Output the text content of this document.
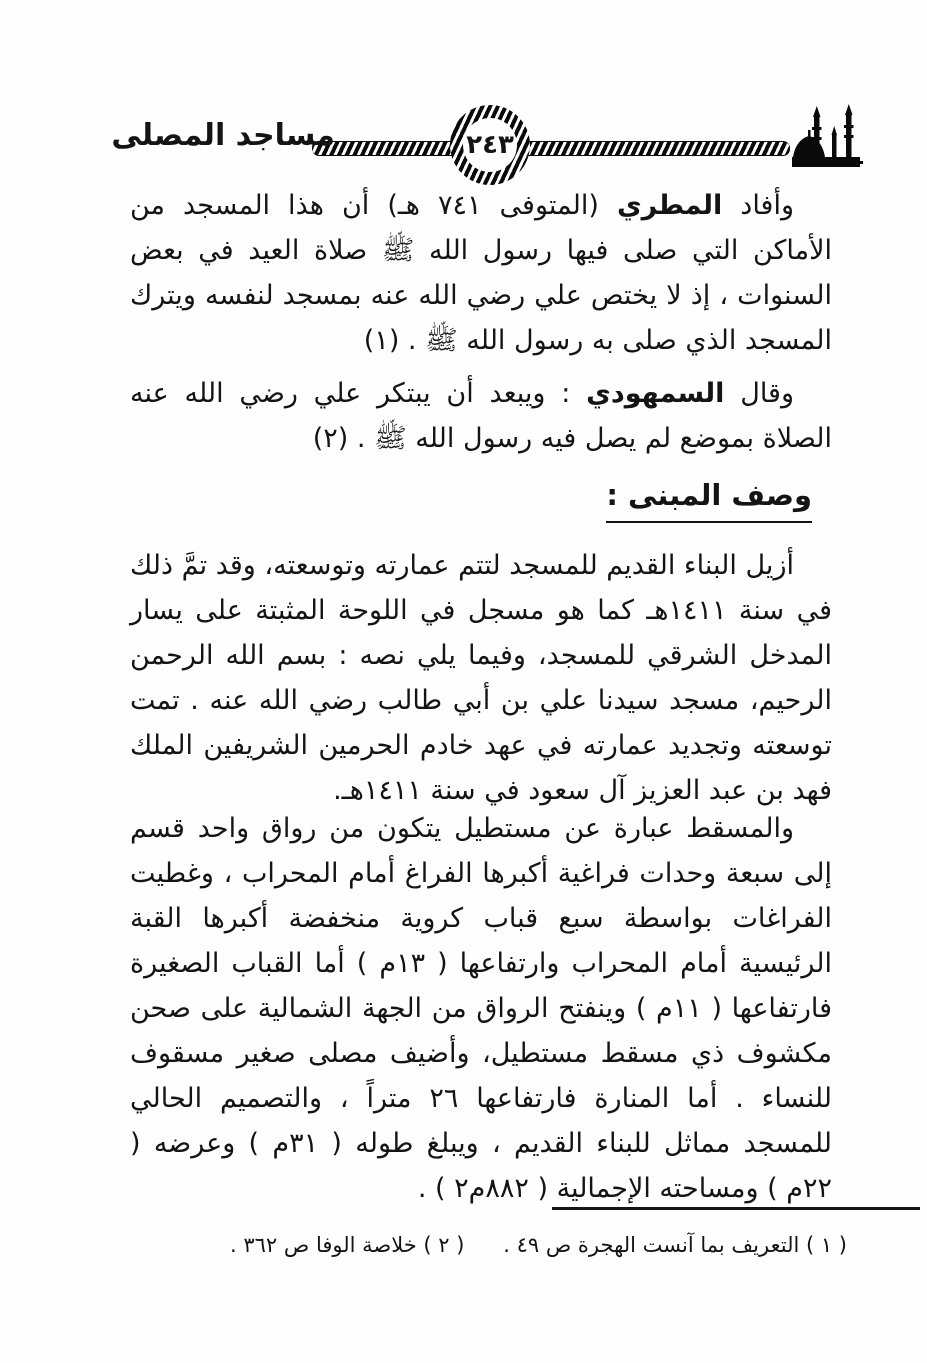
٢٤٣
مساجد المصلى

وأفاد المطري (المتوفى ٧٤١ هـ) أن هذا المسجد من الأماكن التي صلى فيها رسول الله ﷺ صلاة العيد في بعض السنوات ، إذ لا يختص علي رضي الله عنه بمسجد لنفسه ويترك المسجد الذي صلى به رسول الله ﷺ . (١)

وقال السمهودي : ويبعد أن يبتكر علي رضي الله عنه الصلاة بموضع لم يصل فيه رسول الله ﷺ . (٢)

وصف المبنى :

أزيل البناء القديم للمسجد لتتم عمارته وتوسعته، وقد تمَّ ذلك في سنة ١٤١١هـ كما هو مسجل في اللوحة المثبتة على يسار المدخل الشرقي للمسجد، وفيما يلي نصه : بسم الله الرحمن الرحيم، مسجد سيدنا علي بن أبي طالب رضي الله عنه . تمت توسعته وتجديد عمارته في عهد خادم الحرمين الشريفين الملك فهد بن عبد العزيز آل سعود في سنة ١٤١١هـ.

والمسقط عبارة عن مستطيل يتكون من رواق واحد قسم إلى سبعة وحدات فراغية أكبرها الفراغ أمام المحراب ، وغطيت الفراغات بواسطة سبع قباب كروية منخفضة أكبرها القبة الرئيسية أمام المحراب وارتفاعها ( ١٣م ) أما القباب الصغيرة فارتفاعها ( ١١م ) وينفتح الرواق من الجهة الشمالية على صحن مكشوف ذي مسقط مستطيل، وأضيف مصلى صغير مسقوف للنساء . أما المنارة فارتفاعها ٢٦ متراً ، والتصميم الحالي للمسجد مماثل للبناء القديم ، ويبلغ طوله ( ٣١م ) وعرضه ( ٢٢م ) ومساحته الإجمالية ( ٨٨٢م٢ ) .

( ١ ) التعريف بما آنست الهجرة ص ٤٩ .
( ٢ ) خلاصة الوفا ص ٣٦٢ .
